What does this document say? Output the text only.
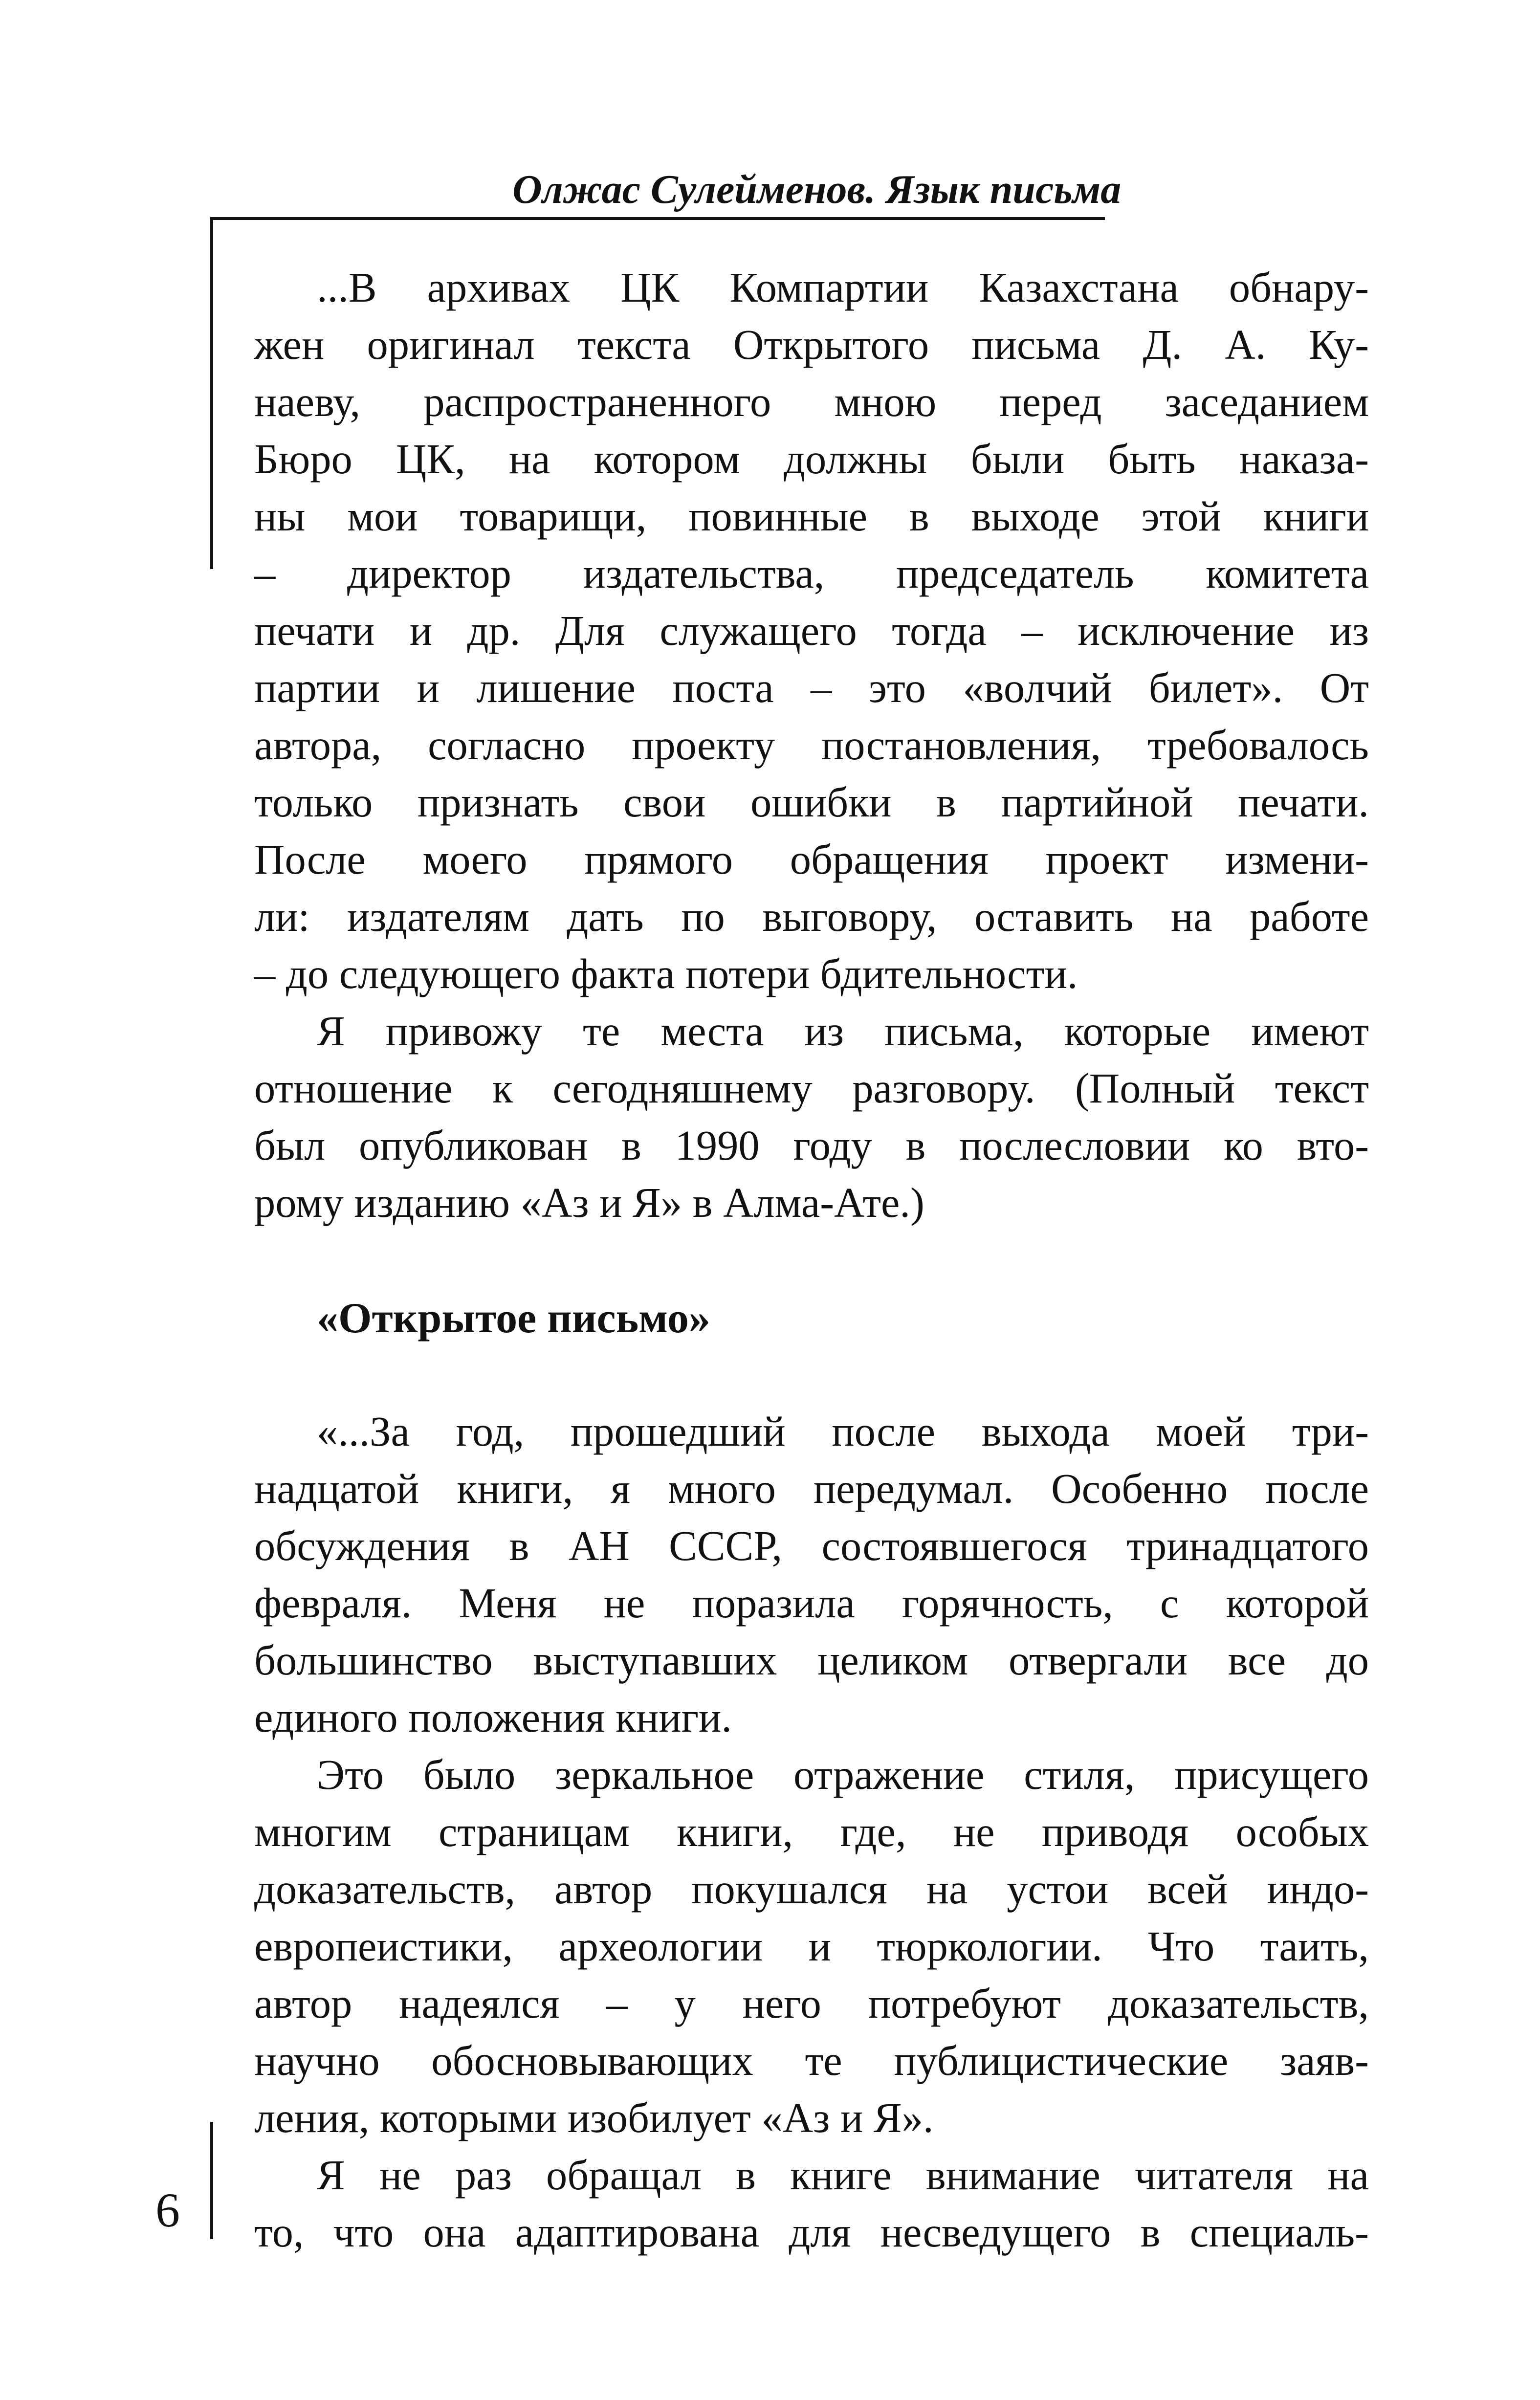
Олжас Сулейменов. Язык письма
...В архивах ЦК Компартии Казахстана обнару-
жен оригинал текста Открытого письма Д. А. Ку-
наеву, распространенного мною перед заседанием
Бюро ЦК, на котором должны были быть наказа-
ны мои товарищи, повинные в выходе этой книги
– директор издательства, председатель комитета
печати и др. Для служащего тогда – исключение из
партии и лишение поста – это «волчий билет». От
автора, согласно проекту постановления, требовалось
только признать свои ошибки в партийной печати.
После моего прямого обращения проект измени-
ли: издателям дать по выговору, оставить на работе
– до следующего факта потери бдительности.
Я привожу те места из письма, которые имеют
отношение к сегодняшнему разговору. (Полный текст
был опубликован в 1990 году в послесловии ко вто-
рому изданию «Аз и Я» в Алма-Ате.)
«Открытое письмо»
«...За год, прошедший после выхода моей три-
надцатой книги, я много передумал. Особенно после
обсуждения в АН СССР, состоявшегося тринадцатого
февраля. Меня не поразила горячность, с которой
большинство выступавших целиком отвергали все до
единого положения книги.
Это было зеркальное отражение стиля, присущего
многим страницам книги, где, не приводя особых
доказательств, автор покушался на устои всей индо-
европеистики, археологии и тюркологии. Что таить,
автор надеялся – у него потребуют доказательств,
научно обосновывающих те публицистические заяв-
ления, которыми изобилует «Аз и Я».
Я не раз обращал в книге внимание читателя на
то, что она адаптирована для несведущего в специаль-
6
